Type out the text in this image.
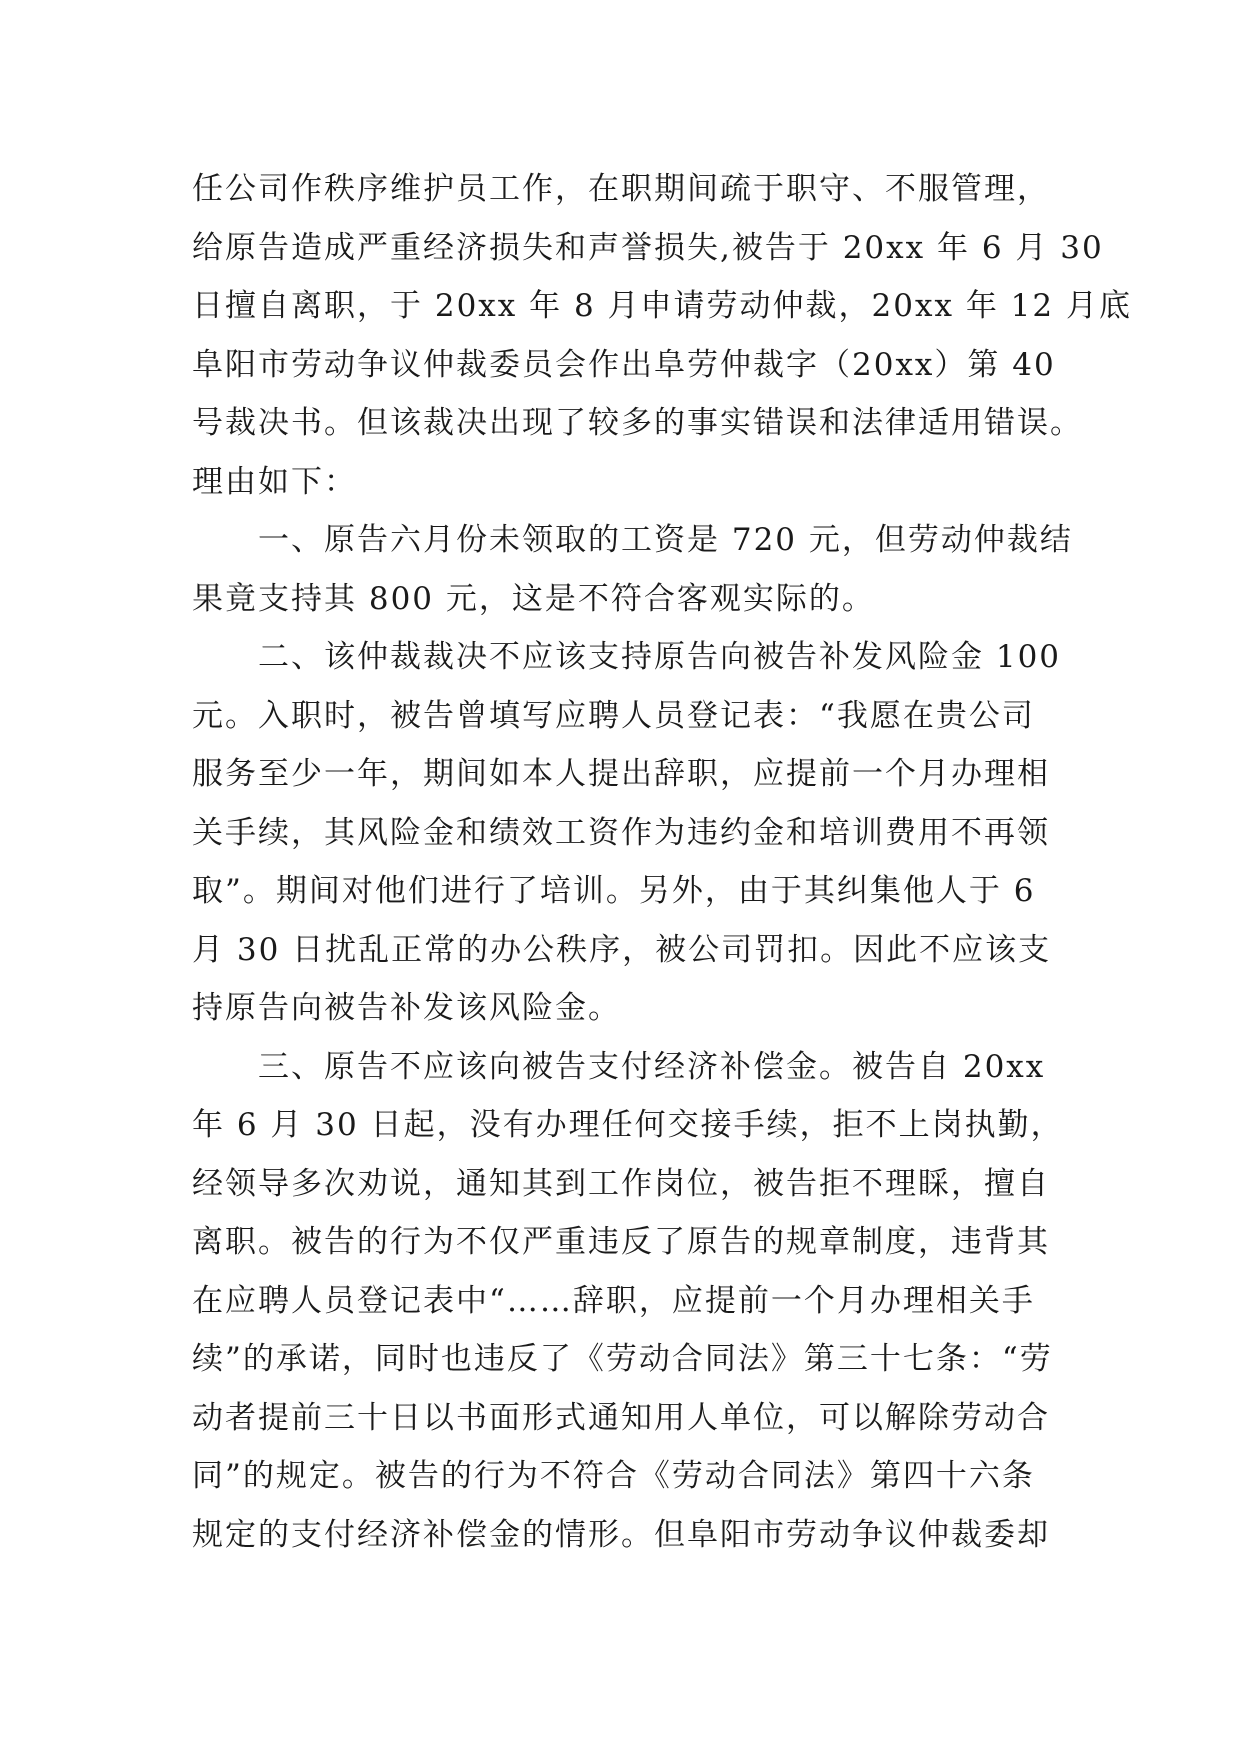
任公司作秩序维护员工作，在职期间疏于职守、不服管理，
给原告造成严重经济损失和声誉损失,被告于 20xx 年 6 月 30
日擅自离职，于 20xx 年 8 月申请劳动仲裁，20xx 年 12 月底
阜阳市劳动争议仲裁委员会作出阜劳仲裁字（20xx）第 40
号裁决书。但该裁决出现了较多的事实错误和法律适用错误。
理由如下：
一、原告六月份未领取的工资是 720 元，但劳动仲裁结
果竟支持其 800 元，这是不符合客观实际的。
二、该仲裁裁决不应该支持原告向被告补发风险金 100
元。入职时，被告曾填写应聘人员登记表：“我愿在贵公司
服务至少一年，期间如本人提出辞职，应提前一个月办理相
关手续，其风险金和绩效工资作为违约金和培训费用不再领
取”。期间对他们进行了培训。另外，由于其纠集他人于 6
月 30 日扰乱正常的办公秩序，被公司罚扣。因此不应该支
持原告向被告补发该风险金。
三、原告不应该向被告支付经济补偿金。被告自 20xx
年 6 月 30 日起，没有办理任何交接手续，拒不上岗执勤，
经领导多次劝说，通知其到工作岗位，被告拒不理睬，擅自
离职。被告的行为不仅严重违反了原告的规章制度，违背其
在应聘人员登记表中“……辞职，应提前一个月办理相关手
续”的承诺，同时也违反了《劳动合同法》第三十七条：“劳
动者提前三十日以书面形式通知用人单位，可以解除劳动合
同”的规定。被告的行为不符合《劳动合同法》第四十六条
规定的支付经济补偿金的情形。但阜阳市劳动争议仲裁委却
